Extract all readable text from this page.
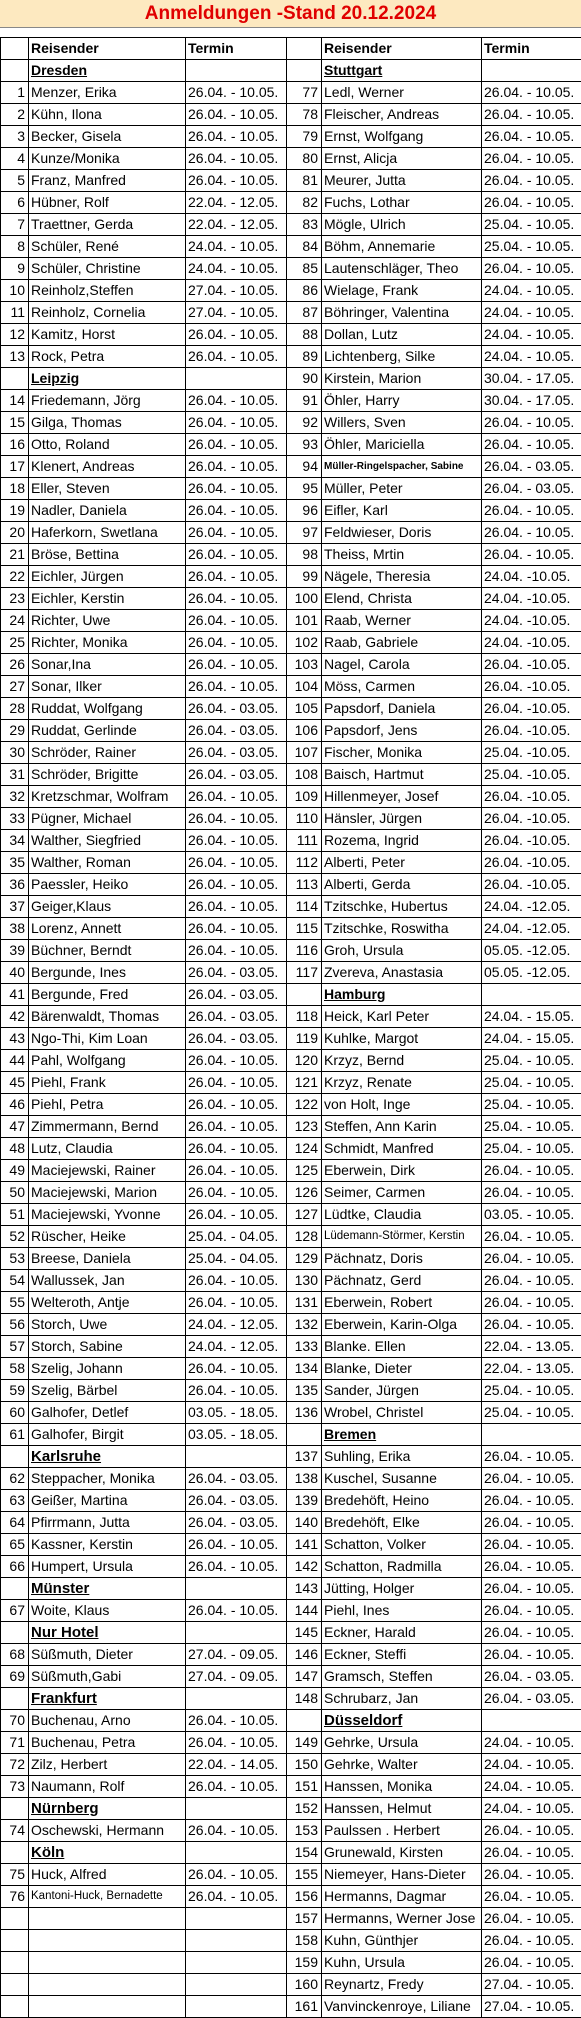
Anmeldungen -Stand 20.12.2024
	Reisender	Termin		Reisender	Termin
	Dresden			Stuttgart	
1	Menzer, Erika	26.04. - 10.05.	77	Ledl, Werner	26.04. - 10.05.
2	Kühn, Ilona	26.04. - 10.05.	78	Fleischer, Andreas	26.04. - 10.05.
3	Becker, Gisela	26.04. - 10.05.	79	Ernst, Wolfgang	26.04. - 10.05.
4	Kunze/Monika	26.04. - 10.05.	80	Ernst, Alicja	26.04. - 10.05.
5	Franz, Manfred	26.04. - 10.05.	81	Meurer, Jutta	26.04. - 10.05.
6	Hübner, Rolf	22.04. - 12.05.	82	Fuchs, Lothar	26.04. - 10.05.
7	Traettner, Gerda	22.04. - 12.05.	83	Mögle, Ulrich	25.04. - 10.05.
8	Schüler, René	24.04. - 10.05.	84	Böhm, Annemarie	25.04. - 10.05.
9	Schüler, Christine	24.04. - 10.05.	85	Lautenschläger, Theo	26.04. - 10.05.
10	Reinholz,Steffen	27.04. - 10.05.	86	Wielage, Frank	24.04. - 10.05.
11	Reinholz, Cornelia	27.04. - 10.05.	87	Böhringer, Valentina	24.04. - 10.05.
12	Kamitz, Horst	26.04. - 10.05.	88	Dollan, Lutz	24.04. - 10.05.
13	Rock, Petra	26.04. - 10.05.	89	Lichtenberg, Silke	24.04. - 10.05.
	Leipzig		90	Kirstein, Marion	30.04. - 17.05.
14	Friedemann, Jörg	26.04. - 10.05.	91	Öhler, Harry	30.04. - 17.05.
15	Gilga, Thomas	26.04. - 10.05.	92	Willers, Sven	26.04. - 10.05.
16	Otto, Roland	26.04. - 10.05.	93	Öhler, Mariciella	26.04. - 10.05.
17	Klenert, Andreas	26.04. - 10.05.	94	Müller-Ringelspacher, Sabine	26.04. - 03.05.
18	Eller, Steven	26.04. - 10.05.	95	Müller, Peter	26.04. - 03.05.
19	Nadler, Daniela	26.04. - 10.05.	96	Eifler, Karl	26.04. - 10.05.
20	Haferkorn, Swetlana	26.04. - 10.05.	97	Feldwieser, Doris	26.04. - 10.05.
21	Bröse, Bettina	26.04. - 10.05.	98	Theiss, Mrtin	26.04. - 10.05.
22	Eichler, Jürgen	26.04. - 10.05.	99	Nägele, Theresia	24.04. -10.05.
23	Eichler, Kerstin	26.04. - 10.05.	100	Elend, Christa	24.04. -10.05.
24	Richter, Uwe	26.04. - 10.05.	101	Raab, Werner	24.04. -10.05.
25	Richter, Monika	26.04. - 10.05.	102	Raab, Gabriele	24.04. -10.05.
26	Sonar,Ina	26.04. - 10.05.	103	Nagel, Carola	26.04. -10.05.
27	Sonar, Ilker	26.04. - 10.05.	104	Möss, Carmen	26.04. -10.05.
28	Ruddat, Wolfgang	26.04. - 03.05.	105	Papsdorf, Daniela	26.04. -10.05.
29	Ruddat, Gerlinde	26.04. - 03.05.	106	Papsdorf, Jens	26.04. -10.05.
30	Schröder, Rainer	26.04. - 03.05.	107	Fischer, Monika	25.04. -10.05.
31	Schröder, Brigitte	26.04. - 03.05.	108	Baisch, Hartmut	25.04. -10.05.
32	Kretzschmar, Wolfram	26.04. - 10.05.	109	Hillenmeyer, Josef	26.04. -10.05.
33	Pügner, Michael	26.04. - 10.05.	110	Hänsler, Jürgen	26.04. -10.05.
34	Walther, Siegfried	26.04. - 10.05.	111	Rozema, Ingrid	26.04. -10.05.
35	Walther, Roman	26.04. - 10.05.	112	Alberti, Peter	26.04. -10.05.
36	Paessler, Heiko	26.04. - 10.05.	113	Alberti, Gerda	26.04. -10.05.
37	Geiger,Klaus	26.04. - 10.05.	114	Tzitschke, Hubertus	24.04. -12.05.
38	Lorenz, Annett	26.04. - 10.05.	115	Tzitschke, Roswitha	24.04. -12.05.
39	Büchner, Berndt	26.04. - 10.05.	116	Groh, Ursula	05.05. -12.05.
40	Bergunde, Ines	26.04. - 03.05.	117	Zvereva, Anastasia	05.05. -12.05.
41	Bergunde, Fred	26.04. - 03.05.		Hamburg	
42	Bärenwaldt, Thomas	26.04. - 03.05.	118	Heick, Karl Peter	24.04. - 15.05.
43	Ngo-Thi, Kim Loan	26.04. - 03.05.	119	Kuhlke, Margot	24.04. - 15.05.
44	Pahl, Wolfgang	26.04. - 10.05.	120	Krzyz, Bernd	25.04. - 10.05.
45	Piehl, Frank	26.04. - 10.05.	121	Krzyz, Renate	25.04. - 10.05.
46	Piehl, Petra	26.04. - 10.05.	122	von Holt, Inge	25.04. - 10.05.
47	Zimmermann, Bernd	26.04. - 10.05.	123	Steffen, Ann Karin	25.04. - 10.05.
48	Lutz, Claudia	26.04. - 10.05.	124	Schmidt, Manfred	25.04. - 10.05.
49	Maciejewski, Rainer	26.04. - 10.05.	125	Eberwein, Dirk	26.04. - 10.05.
50	Maciejewski, Marion	26.04. - 10.05.	126	Seimer, Carmen	26.04. - 10.05.
51	Maciejewski, Yvonne	26.04. - 10.05.	127	Lüdtke, Claudia	03.05. - 10.05.
52	Rüscher, Heike	25.04. - 04.05.	128	Lüdemann-Störmer, Kerstin	26.04. - 10.05.
53	Breese, Daniela	25.04. - 04.05.	129	Pächnatz, Doris	26.04. - 10.05.
54	Wallussek, Jan	26.04. - 10.05.	130	Pächnatz, Gerd	26.04. - 10.05.
55	Welteroth, Antje	26.04. - 10.05.	131	Eberwein, Robert	26.04. - 10.05.
56	Storch, Uwe	24.04. - 12.05.	132	Eberwein, Karin-Olga	26.04. - 10.05.
57	Storch, Sabine	24.04. - 12.05.	133	Blanke. Ellen	22.04. - 13.05.
58	Szelig, Johann	26.04. - 10.05.	134	Blanke, Dieter	22.04. - 13.05.
59	Szelig, Bärbel	26.04. - 10.05.	135	Sander, Jürgen	25.04. - 10.05.
60	Galhofer, Detlef	03.05. - 18.05.	136	Wrobel, Christel	25.04. - 10.05.
61	Galhofer, Birgit	03.05. - 18.05.		Bremen	
	Karlsruhe		137	Suhling, Erika	26.04. - 10.05.
62	Steppacher, Monika	26.04. - 03.05.	138	Kuschel, Susanne	26.04. - 10.05.
63	Geißer, Martina	26.04. - 03.05.	139	Bredehöft, Heino	26.04. - 10.05.
64	Pfirrmann, Jutta	26.04. - 03.05.	140	Bredehöft, Elke	26.04. - 10.05.
65	Kassner, Kerstin	26.04. - 10.05.	141	Schatton, Volker	26.04. - 10.05.
66	Humpert, Ursula	26.04. - 10.05.	142	Schatton, Radmilla	26.04. - 10.05.
	Münster		143	Jütting, Holger	26.04. - 10.05.
67	Woite, Klaus	26.04. - 10.05.	144	Piehl, Ines	26.04. - 10.05.
	Nur Hotel		145	Eckner, Harald	26.04. - 10.05.
68	Süßmuth, Dieter	27.04. - 09.05.	146	Eckner, Steffi	26.04. - 10.05.
69	Süßmuth,Gabi	27.04. - 09.05.	147	Gramsch, Steffen	26.04. - 03.05.
	Frankfurt		148	Schrubarz, Jan	26.04. - 03.05.
70	Buchenau, Arno	26.04. - 10.05.		Düsseldorf	
71	Buchenau, Petra	26.04. - 10.05.	149	Gehrke, Ursula	24.04. - 10.05.
72	Zilz, Herbert	22.04. - 14.05.	150	Gehrke, Walter	24.04. - 10.05.
73	Naumann, Rolf	26.04. - 10.05.	151	Hanssen, Monika	24.04. - 10.05.
	Nürnberg		152	Hanssen, Helmut	24.04. - 10.05.
74	Oschewski, Hermann	26.04. - 10.05.	153	Paulssen . Herbert	26.04. - 10.05.
	Köln		154	Grunewald, Kirsten	26.04. - 10.05.
75	Huck, Alfred	26.04. - 10.05.	155	Niemeyer, Hans-Dieter	26.04. - 10.05.
76	Kantoni-Huck, Bernadette	26.04. - 10.05.	156	Hermanns, Dagmar	26.04. - 10.05.
			157	Hermanns, Werner Jose	26.04. - 10.05.
			158	Kuhn, Günthjer	26.04. - 10.05.
			159	Kuhn, Ursula	26.04. - 10.05.
			160	Reynartz, Fredy	27.04. - 10.05.
			161	Vanvinckenroye, Liliane	27.04. - 10.05.
